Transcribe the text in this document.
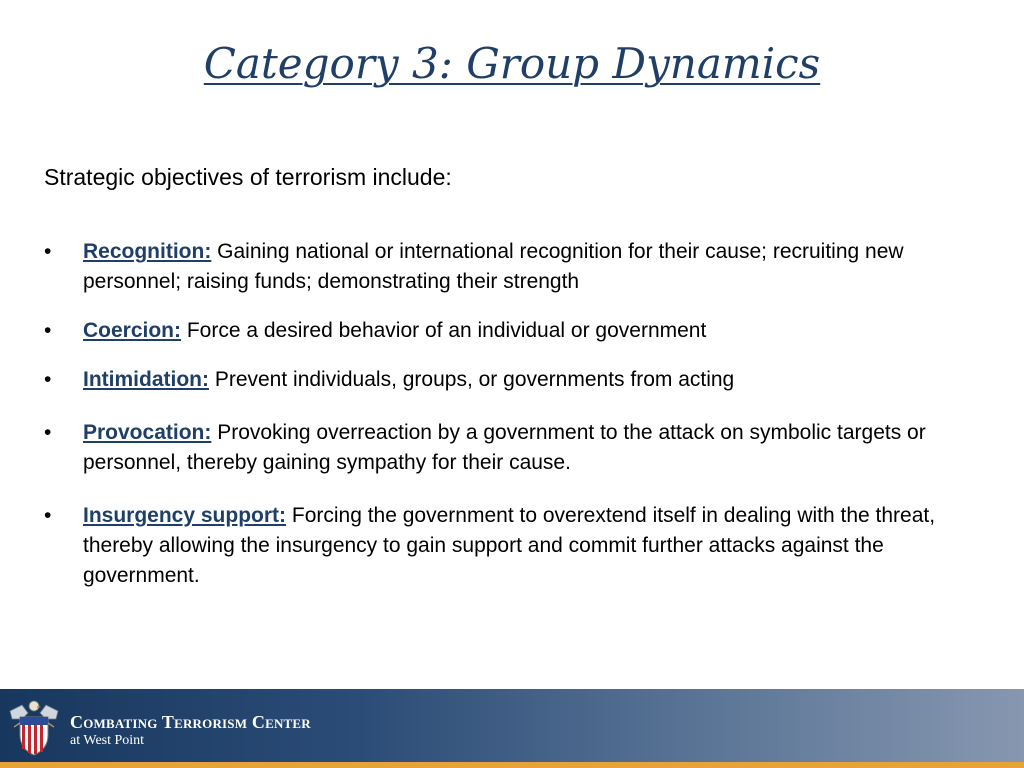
Category 3: Group Dynamics
Strategic objectives of terrorism include:
•	Recognition: Gaining national or international recognition for their cause; recruiting new personnel; raising funds; demonstrating their strength
•	Coercion: Force a desired behavior of an individual or government
•	Intimidation: Prevent individuals, groups, or governments from acting
•	Provocation: Provoking overreaction by a government to the attack on symbolic targets or personnel, thereby gaining sympathy for their cause.
•	Insurgency support: Forcing the government to overextend itself in dealing with the threat, thereby allowing the insurgency to gain support and commit further attacks against the government.
Combating Terrorism Center
at West Point
